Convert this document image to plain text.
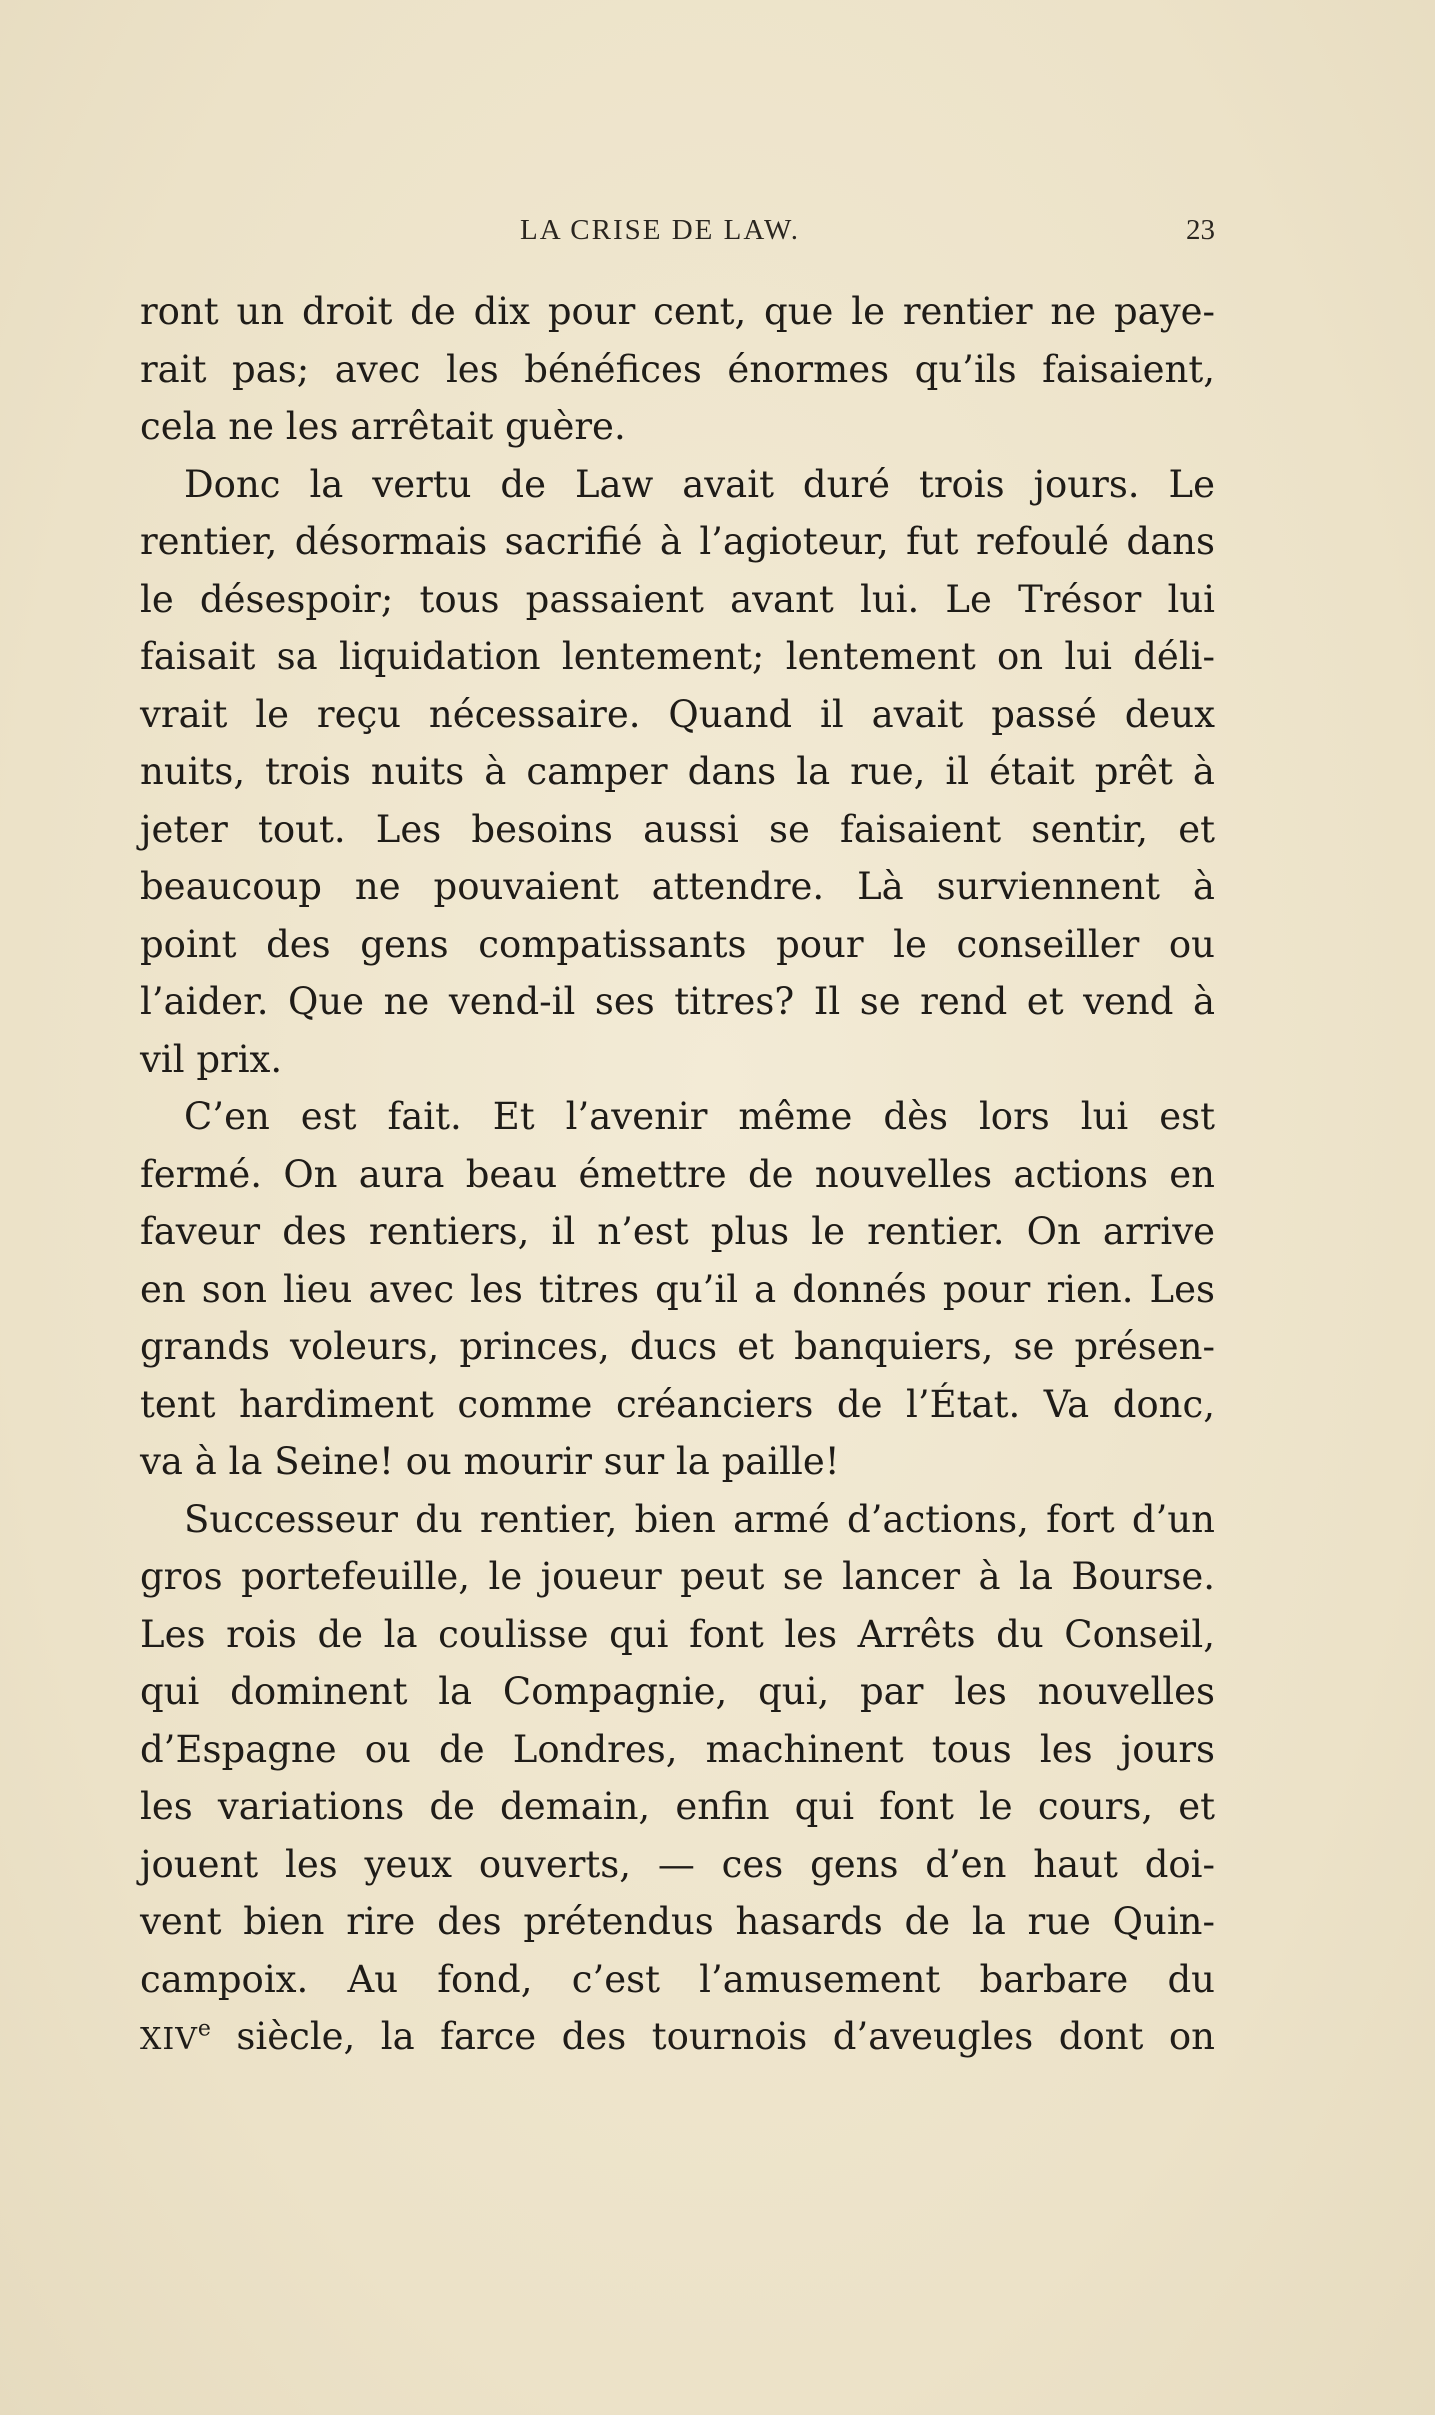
LA CRISE DE LAW.	23
ront un droit de dix pour cent, que le rentier ne paye-
rait pas; avec les bénéfices énormes qu’ils faisaient,
cela ne les arrêtait guère.
Donc la vertu de Law avait duré trois jours. Le
rentier, désormais sacrifié à l’agioteur, fut refoulé dans
le désespoir; tous passaient avant lui. Le Trésor lui
faisait sa liquidation lentement; lentement on lui déli-
vrait le reçu nécessaire. Quand il avait passé deux
nuits, trois nuits à camper dans la rue, il était prêt à
jeter tout. Les besoins aussi se faisaient sentir, et
beaucoup ne pouvaient attendre. Là surviennent à
point des gens compatissants pour le conseiller ou
l’aider. Que ne vend-il ses titres? Il se rend et vend à
vil prix.
C’en est fait. Et l’avenir même dès lors lui est
fermé. On aura beau émettre de nouvelles actions en
faveur des rentiers, il n’est plus le rentier. On arrive
en son lieu avec les titres qu’il a donnés pour rien. Les
grands voleurs, princes, ducs et banquiers, se présen-
tent hardiment comme créanciers de l’État. Va donc,
va à la Seine! ou mourir sur la paille!
Successeur du rentier, bien armé d’actions, fort d’un
gros portefeuille, le joueur peut se lancer à la Bourse.
Les rois de la coulisse qui font les Arrêts du Conseil,
qui dominent la Compagnie, qui, par les nouvelles
d’Espagne ou de Londres, machinent tous les jours
les variations de demain, enfin qui font le cours, et
jouent les yeux ouverts, — ces gens d’en haut doi-
vent bien rire des prétendus hasards de la rue Quin-
campoix. Au fond, c’est l’amusement barbare du
XIVe siècle, la farce des tournois d’aveugles dont on
